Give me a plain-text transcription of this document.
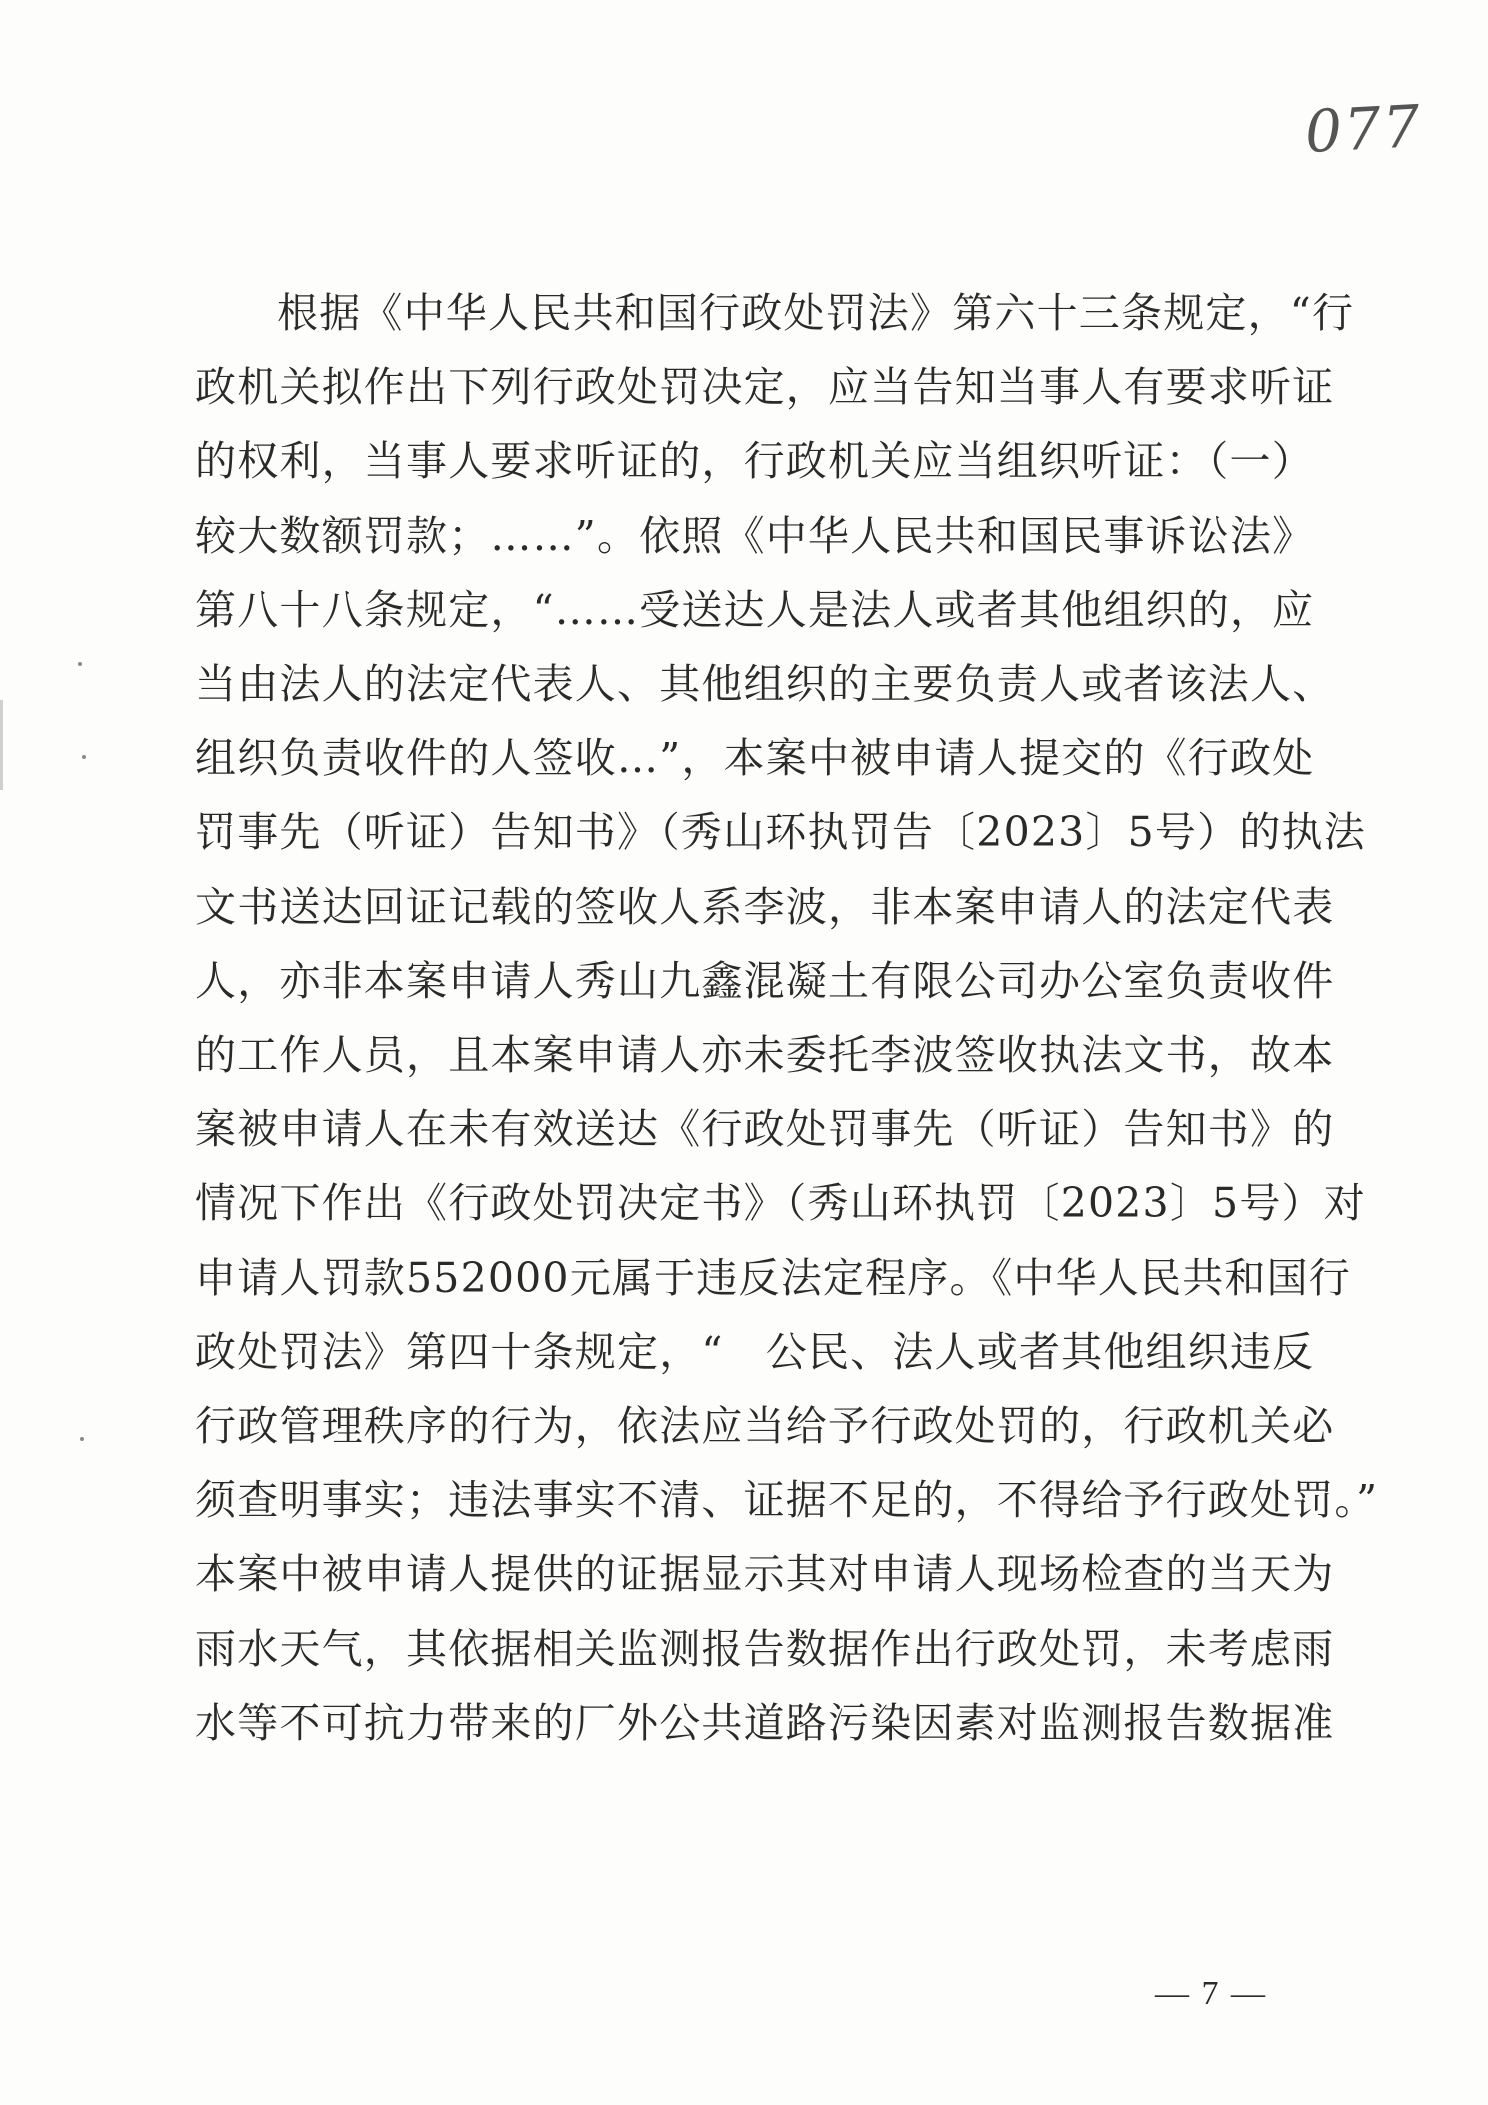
077
根据《中华人民共和国行政处罚法》第六十三条规定，“行
政机关拟作出下列行政处罚决定，应当告知当事人有要求听证
的权利，当事人要求听证的，行政机关应当组织听证：（一）
较大数额罚款；……”。依照《中华人民共和国民事诉讼法》
第八十八条规定，“……受送达人是法人或者其他组织的，应
当由法人的法定代表人、其他组织的主要负责人或者该法人、
组织负责收件的人签收…”，本案中被申请人提交的《行政处
罚事先（听证）告知书》（秀山环执罚告〔2023〕5号）的执法
文书送达回证记载的签收人系李波，非本案申请人的法定代表
人，亦非本案申请人秀山九鑫混凝土有限公司办公室负责收件
的工作人员，且本案申请人亦未委托李波签收执法文书，故本
案被申请人在未有效送达《行政处罚事先（听证）告知书》的
情况下作出《行政处罚决定书》（秀山环执罚〔2023〕5号）对
申请人罚款552000元属于违反法定程序。《中华人民共和国行
政处罚法》第四十条规定，“　公民、法人或者其他组织违反
行政管理秩序的行为，依法应当给予行政处罚的，行政机关必
须查明事实；违法事实不清、证据不足的，不得给予行政处罚。”
本案中被申请人提供的证据显示其对申请人现场检查的当天为
雨水天气，其依据相关监测报告数据作出行政处罚，未考虑雨
水等不可抗力带来的厂外公共道路污染因素对监测报告数据准
— 7 —
